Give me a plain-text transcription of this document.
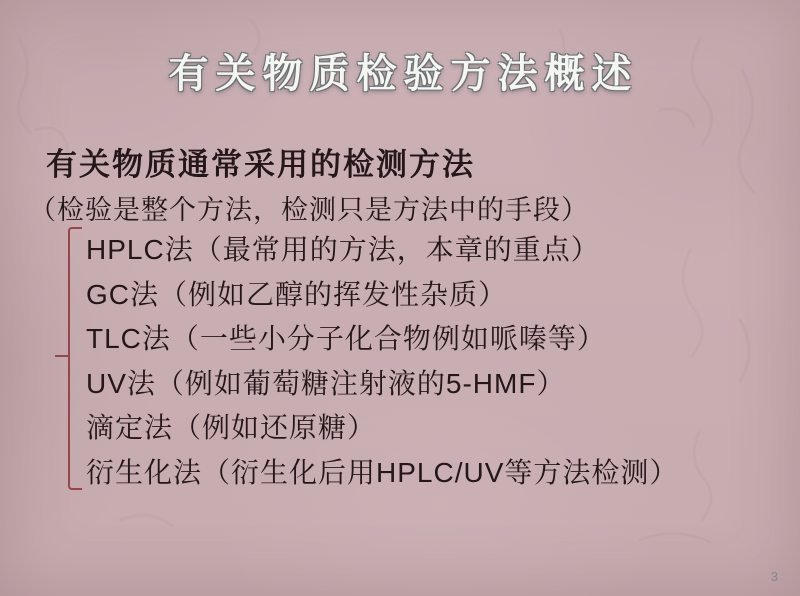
有关物质检验方法概述
有关物质通常采用的检测方法
（检验是整个方法，检测只是方法中的手段）
HPLC法（最常用的方法，本章的重点）
GC法（例如乙醇的挥发性杂质）
TLC法（一些小分子化合物例如哌嗪等）
UV法（例如葡萄糖注射液的5-HMF）
滴定法（例如还原糖）
衍生化法（衍生化后用HPLC/UV等方法检测）
3
